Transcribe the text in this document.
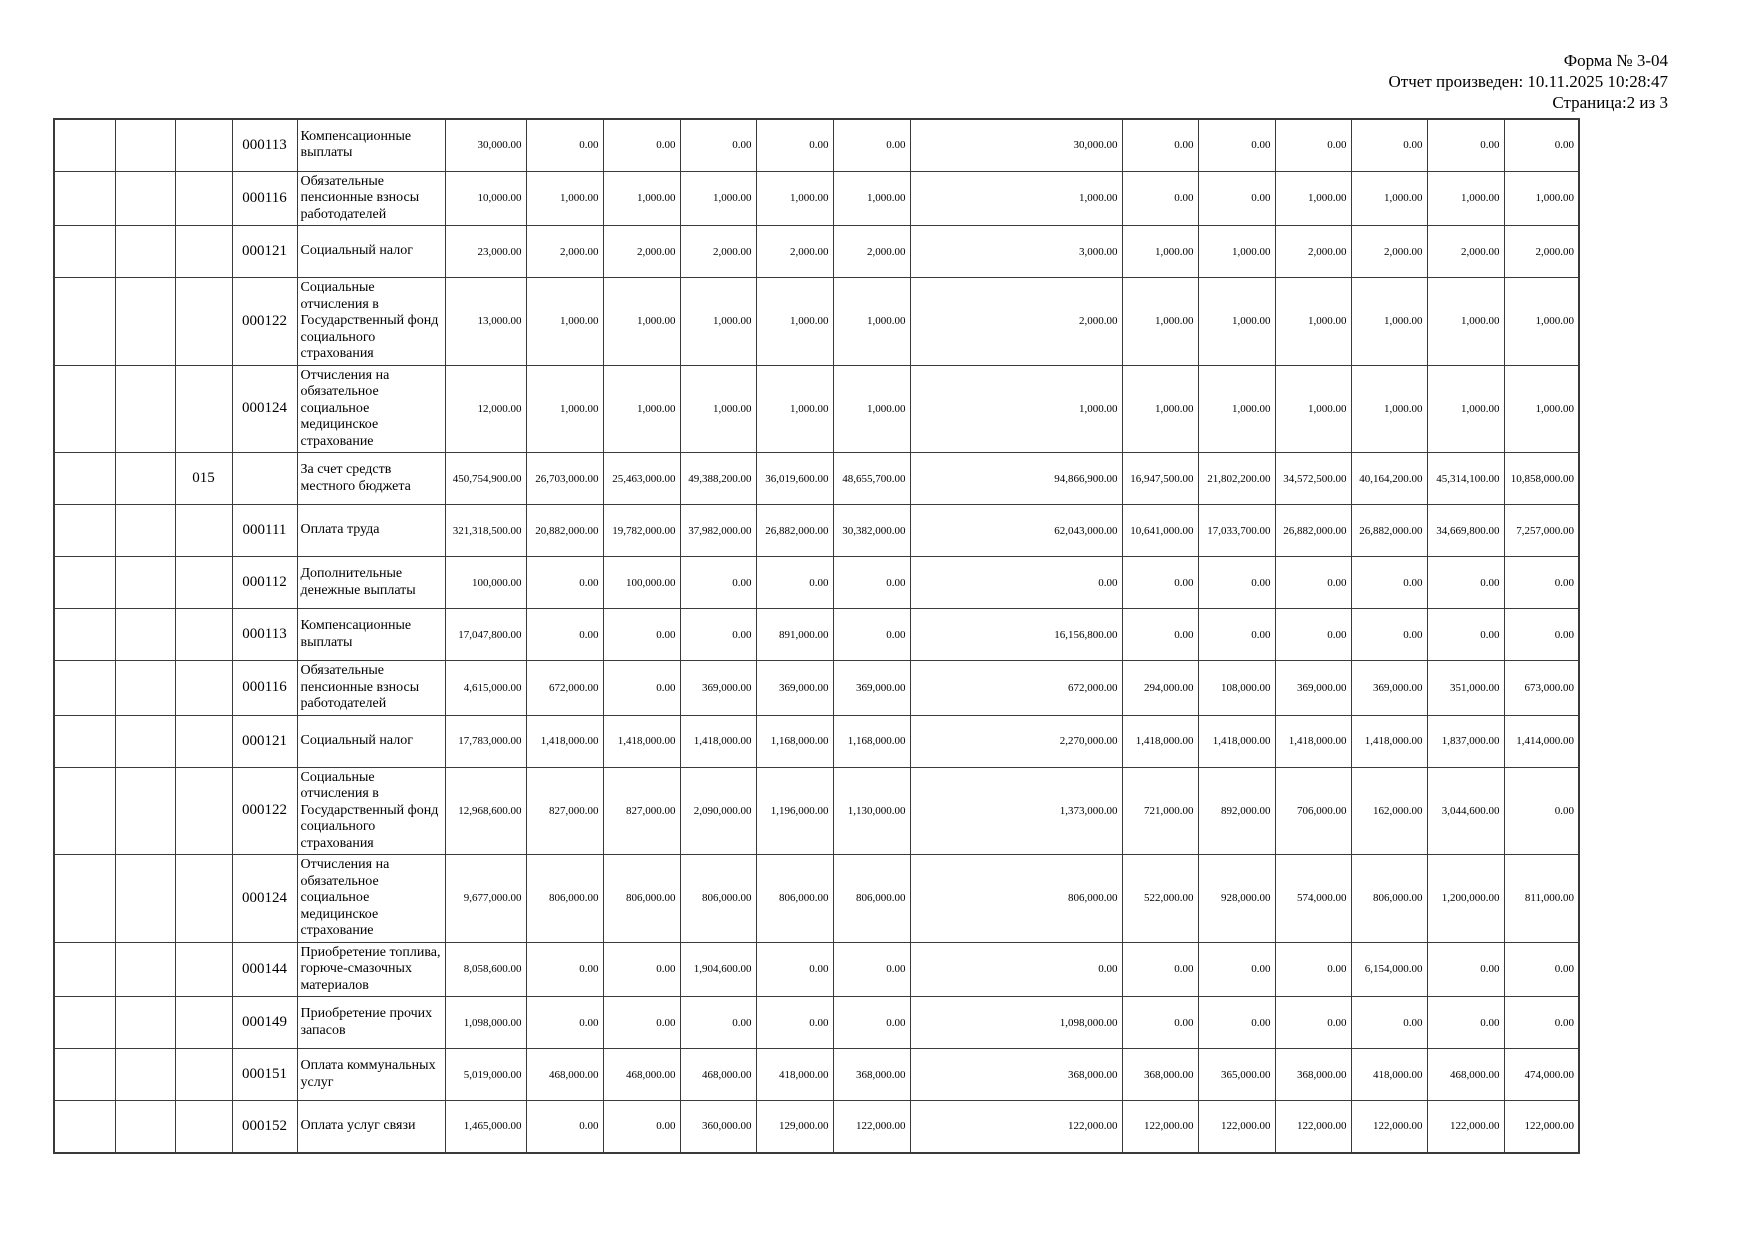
Форма № 3-04
Отчет произведен: 10.11.2025 10:28:47
Страница:2 из 3
			000113	Компенсационные выплаты	30,000.00	0.00	0.00	0.00	0.00	0.00	30,000.00	0.00	0.00	0.00	0.00	0.00	0.00
			000116	Обязательные пенсионные взносы работодателей	10,000.00	1,000.00	1,000.00	1,000.00	1,000.00	1,000.00	1,000.00	0.00	0.00	1,000.00	1,000.00	1,000.00	1,000.00
			000121	Социальный налог	23,000.00	2,000.00	2,000.00	2,000.00	2,000.00	2,000.00	3,000.00	1,000.00	1,000.00	2,000.00	2,000.00	2,000.00	2,000.00
			000122	Социальные отчисления в Государственный фонд социального страхования	13,000.00	1,000.00	1,000.00	1,000.00	1,000.00	1,000.00	2,000.00	1,000.00	1,000.00	1,000.00	1,000.00	1,000.00	1,000.00
			000124	Отчисления на обязательное социальное медицинское страхование	12,000.00	1,000.00	1,000.00	1,000.00	1,000.00	1,000.00	1,000.00	1,000.00	1,000.00	1,000.00	1,000.00	1,000.00	1,000.00
		015		За счет средств местного бюджета	450,754,900.00	26,703,000.00	25,463,000.00	49,388,200.00	36,019,600.00	48,655,700.00	94,866,900.00	16,947,500.00	21,802,200.00	34,572,500.00	40,164,200.00	45,314,100.00	10,858,000.00
			000111	Оплата труда	321,318,500.00	20,882,000.00	19,782,000.00	37,982,000.00	26,882,000.00	30,382,000.00	62,043,000.00	10,641,000.00	17,033,700.00	26,882,000.00	26,882,000.00	34,669,800.00	7,257,000.00
			000112	Дополнительные денежные выплаты	100,000.00	0.00	100,000.00	0.00	0.00	0.00	0.00	0.00	0.00	0.00	0.00	0.00	0.00
			000113	Компенсационные выплаты	17,047,800.00	0.00	0.00	0.00	891,000.00	0.00	16,156,800.00	0.00	0.00	0.00	0.00	0.00	0.00
			000116	Обязательные пенсионные взносы работодателей	4,615,000.00	672,000.00	0.00	369,000.00	369,000.00	369,000.00	672,000.00	294,000.00	108,000.00	369,000.00	369,000.00	351,000.00	673,000.00
			000121	Социальный налог	17,783,000.00	1,418,000.00	1,418,000.00	1,418,000.00	1,168,000.00	1,168,000.00	2,270,000.00	1,418,000.00	1,418,000.00	1,418,000.00	1,418,000.00	1,837,000.00	1,414,000.00
			000122	Социальные отчисления в Государственный фонд социального страхования	12,968,600.00	827,000.00	827,000.00	2,090,000.00	1,196,000.00	1,130,000.00	1,373,000.00	721,000.00	892,000.00	706,000.00	162,000.00	3,044,600.00	0.00
			000124	Отчисления на обязательное социальное медицинское страхование	9,677,000.00	806,000.00	806,000.00	806,000.00	806,000.00	806,000.00	806,000.00	522,000.00	928,000.00	574,000.00	806,000.00	1,200,000.00	811,000.00
			000144	Приобретение топлива, горюче-смазочных материалов	8,058,600.00	0.00	0.00	1,904,600.00	0.00	0.00	0.00	0.00	0.00	0.00	6,154,000.00	0.00	0.00
			000149	Приобретение прочих запасов	1,098,000.00	0.00	0.00	0.00	0.00	0.00	1,098,000.00	0.00	0.00	0.00	0.00	0.00	0.00
			000151	Оплата коммунальных услуг	5,019,000.00	468,000.00	468,000.00	468,000.00	418,000.00	368,000.00	368,000.00	368,000.00	365,000.00	368,000.00	418,000.00	468,000.00	474,000.00
			000152	Оплата услуг связи	1,465,000.00	0.00	0.00	360,000.00	129,000.00	122,000.00	122,000.00	122,000.00	122,000.00	122,000.00	122,000.00	122,000.00	122,000.00
